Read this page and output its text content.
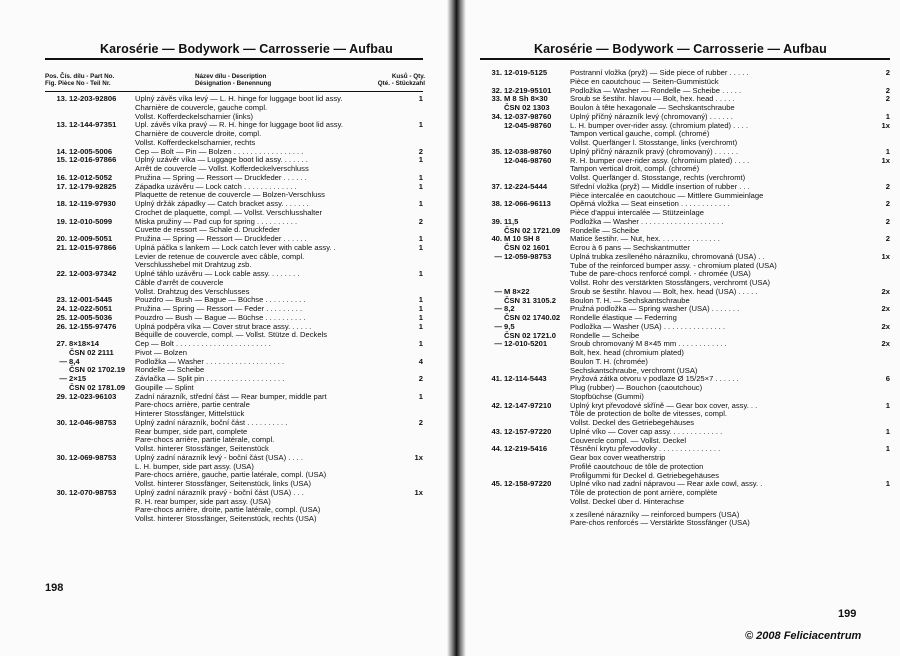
Karosérie — Bodywork — Carrosserie — Aufbau
Pos. Čís. dílu - Part No.
Fig. Pièce No - Teil Nr.
Název dílu - Description
Désignation - Benennung
Kusů - Qty.
Qté. - Stückzahl
13. 12-203-92806	Úplný závěs víka levý — L. H. hinge for luggage boot lid assy.	1
Charnière de couvercle, gauche compl.
Vollst. Kofferdeckelscharnier (links)
13. 12-144-97351	Upl. závěs víka pravý — R. H. hinge for luggage boot lid assy.	1
Charnière de couvercle droite, compl.
Vollst. Kofferdeckelscharnier, rechts
14. 12-005-5006	Čep — Bolt — Pin — Bolzen . . . . . . . . . . . . . . . . .	2
15. 12-016-97866	Úplný uzávěr víka — Luggage boot lid assy. . . . . . .	1
Arrêt de couvercle — Vollst. Kofferdeckelverschluss
16. 12-012-5052	Pružina — Spring — Ressort — Druckfeder . . . . . .	1
17. 12-179-92825	Západka uzávěru — Lock catch . . . . . . . . . . . . .	1
Plaquette de retenue de couvercle — Bolzen-Verschluss
18. 12-119-97930	Úplný držák západky — Catch bracket assy. . . . . . .	1
Crochet de plaquette, compl. — Vollst. Verschlusshalter
19. 12-010-5099	Miska pružiny — Pad cup for spring . . . . . . . . . .	2
Cuvette de ressort — Schale d. Druckfeder
20. 12-009-5051	Pružina — Spring — Ressort — Druckfeder . . . . . .	1
21. 12-015-97866	Úplná páčka s lankem — Lock catch lever with cable assy. .	1
Levier de retenue de couvercle avec câble, compl.
Verschlusshebel mit Drahtzug zsb.
22. 12-003-97342	Úplné táhlo uzávěru — Lock cable assy. . . . . . . .	1
Câble d'arrêt de couvercle
Vollst. Drahtzug des Verschlusses
23. 12-001-5445	Pouzdro — Bush — Bague — Büchse . . . . . . . . . .	1
24. 12-022-5051	Pružina — Spring — Ressort — Feder . . . . . . . . .	1
25. 12-005-5036	Pouzdro — Bush — Bague — Büchse . . . . . . . . . .	1
26. 12-155-97476	Úplná podpěra víka — Cover strut brace assy. . . . . .	1
Béquille de couvercle, compl. — Vollst. Stütze d. Deckels
27. 8×18×14	Čep — Bolt . . . . . . . . . . . . . . . . . . . . . . .	1
ČSN 02 2111	Pivot — Bolzen
— 8,4	Podložka — Washer . . . . . . . . . . . . . . . . . . .	4
ČSN 02 1702.19	Rondelle — Scheibe
— 2×15	Závlačka — Split pin . . . . . . . . . . . . . . . . . . .	2
ČSN 02 1781.09	Goupille — Splint
29. 12-023-96103	Zadní nárazník, střední část — Rear bumper, middle part	1
Pare-chocs arrière, partie centrale
Hinterer Stossfänger, Mittelstück
30. 12-046-98753	Úplný zadní nárazník, boční část . . . . . . . . . .	2
Rear bumper, side part, complete
Pare-chocs arrière, partie latérale, compl.
Vollst. hinterer Stossfänger, Seitenstück
30. 12-069-98753	Úplný zadní nárazník levý - boční část (USA) . . . .	1x
L. H. bumper, side part assy. (USA)
Pare-chocs arrière, gauche, partie latérale, compl. (USA)
Vollst. hinterer Stossfänger, Seitenstück, links (USA)
30. 12-070-98753	Úplný zadní nárazník pravý - boční část (USA) . . .	1x
R. H. rear bumper, side part assy. (USA)
Pare-chocs arrière, droite, partie latérale, compl. (USA)
Vollst. hinterer Stossfänger, Seitenstück, rechts (USA)
198
Karosérie — Bodywork — Carrosserie — Aufbau
31. 12-019-5125	Postranní vložka (pryž) — Side piece of rubber . . . . .	2
Pièce en caoutchouc — Seiten-Gummistück
32. 12-219-95101	Podložka — Washer — Rondelle — Scheibe . . . . .	2
33. M 8 Sh 8×30	Šroub se šestihr. hlavou — Bolt, hex. head . . . . .	2
ČSN 02 1303	Boulon à tête hexagonale — Sechskantschraube
34. 12-037-98760	Úplný příčný nárazník levý (chromovaný) . . . . . .	1
12-045-98760	L. H. bumper over-rider assy. (chromium plated) . . . .	1x
Tampon vertical gauche, compl. (chromé)
Vollst. Querfänger l. Stosstange, links (verchromt)
35. 12-038-98760	Úplný příčný nárazník pravý (chromovaný) . . . . . .	1
12-046-98760	R. H. bumper over-rider assy. (chromium plated) . . . .	1x
Tampon vertical droit, compl. (chromé)
Vollst. Querfänger d. Stosstange, rechts (verchromt)
37. 12-224-5444	Střední vložka (pryž) — Middle insertion of rubber . . .	2
Pièce intercalée en caoutchouc — Mittlere Gummieinlage
38. 12-066-96113	Opěrná vložka — Seat einsetion . . . . . . . . . . . .	2
Pièce d'appui intercalée — Stützeinlage
39. 11,5	Podložka — Washer . . . . . . . . . . . . . . . . . . . .	2
ČSN 02 1721.09	Rondelle — Scheibe
40. M 10 SH 8	Matice šestihr. — Nut, hex. . . . . . . . . . . . . . .	2
ČSN 02 1601	Écrou à 6 pans — Sechskantmutter
— 12-059-98753	Úplná trubka zesíleného nárazníku, chromovaná (USA) . .	1x
Tube of the reinforced bumper assy. - chromium plated (USA)
Tube de pare-chocs renforcé compl. - chromée (USA)
Vollst. Rohr des verstärkten Stossfängers, verchromt (USA)
— M 8×22	Šroub se šestihr. hlavou — Bolt, hex. head (USA) . . . . .	2x
ČSN 31 3105.2	Boulon T. H. — Sechskantschraube
— 8,2	Pružná podložka — Spring washer (USA) . . . . . . .	2x
ČSN 02 1740.02	Rondelle élastique — Federring
— 9,5	Podložka — Washer (USA) . . . . . . . . . . . . . . .	2x
ČSN 02 1721.0	Rondelle — Scheibe
— 12-010-5201	Šroub chromovaný M 8×45 mm . . . . . . . . . . . .	2x
Bolt, hex. head (chromium plated)
Boulon T. H. (chromée)
Sechskantschraube, verchromt (USA)
41. 12-114-5443	Pryžová zátka otvoru v podlaze Ø 15/25×7 . . . . . .	6
Plug (rubber) — Bouchon (caoutchouc)
Stopfbüchse (Gummi)
42. 12-147-97210	Úplný kryt převodové skříně — Gear box cover, assy. . .	1
Tôle de protection de boîte de vitesses, compl.
Vollst. Deckel des Getriebegehäuses
43. 12-157-97220	Úplné víko — Cover cap assy. . . . . . . . . . . . .	1
Couvercle compl. — Vollst. Deckel
44. 12-219-5416	Těsnění krytu převodovky . . . . . . . . . . . . . . .	1
Gear box cover weatherstrip
Profilé caoutchouc de tôle de protection
Profilgummi für Deckel d. Getriebegehäuses
45. 12-158-97220	Úplné víko nad zadní nápravou — Rear axle cowl, assy. .	1
Tôle de protection de pont arrière, complète
Vollst. Deckel über d. Hinterachse
x zesílené nárazníky — reinforced bumpers (USA)
Pare-chos renforcés — Verstärkte Stossfänger (USA)
199
© 2008 Feliciacentrum
